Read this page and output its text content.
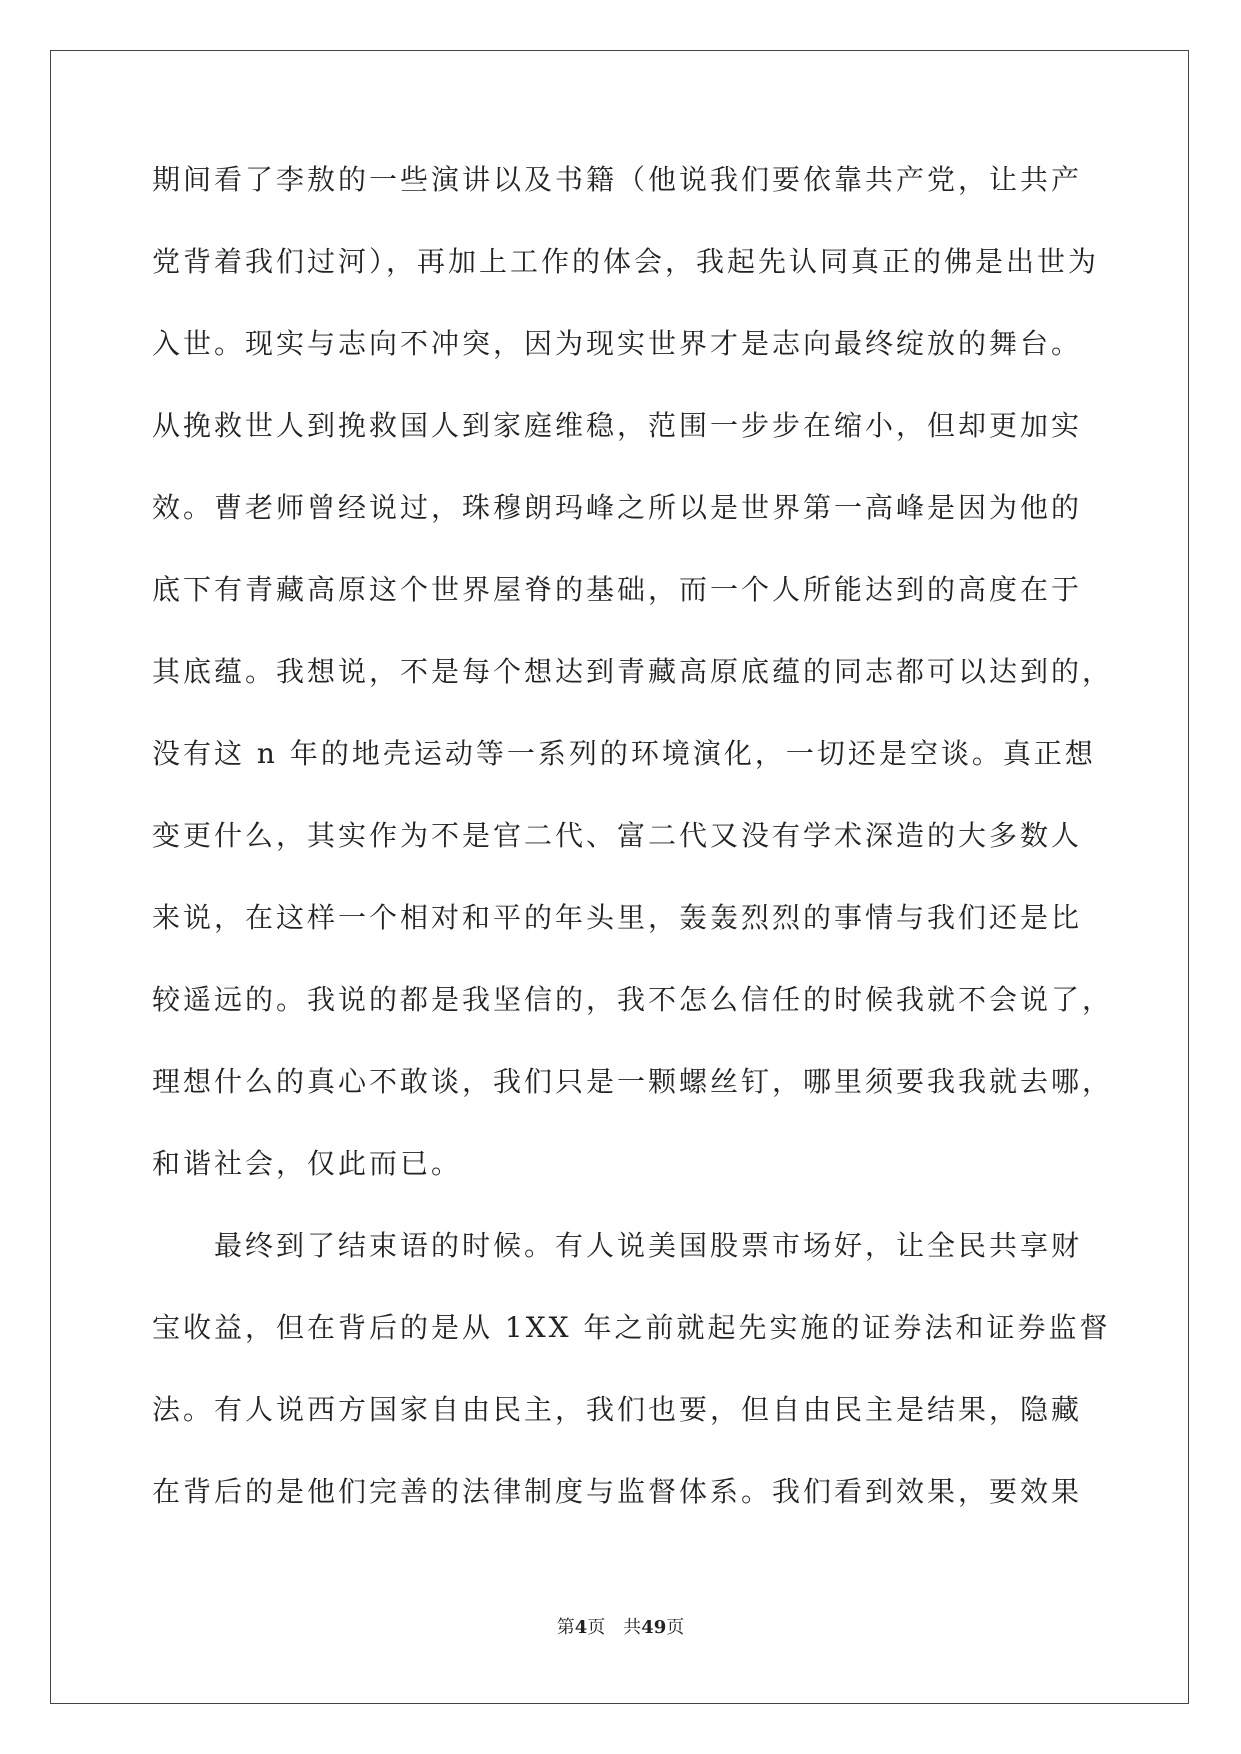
期间看了李敖的一些演讲以及书籍（他说我们要依靠共产党，让共产
党背着我们过河），再加上工作的体会，我起先认同真正的佛是出世为
入世。现实与志向不冲突，因为现实世界才是志向最终绽放的舞台。
从挽救世人到挽救国人到家庭维稳，范围一步步在缩小，但却更加实
效。曹老师曾经说过，珠穆朗玛峰之所以是世界第一高峰是因为他的
底下有青藏高原这个世界屋脊的基础，而一个人所能达到的高度在于
其底蕴。我想说，不是每个想达到青藏高原底蕴的同志都可以达到的，
没有这 n 年的地壳运动等一系列的环境演化，一切还是空谈。真正想
变更什么，其实作为不是官二代、富二代又没有学术深造的大多数人
来说，在这样一个相对和平的年头里，轰轰烈烈的事情与我们还是比
较遥远的。我说的都是我坚信的，我不怎么信任的时候我就不会说了，
理想什么的真心不敢谈，我们只是一颗螺丝钉，哪里须要我我就去哪，
和谐社会，仅此而已。
最终到了结束语的时候。有人说美国股票市场好，让全民共享财
宝收益，但在背后的是从 1XX 年之前就起先实施的证券法和证券监督
法。有人说西方国家自由民主，我们也要，但自由民主是结果，隐藏
在背后的是他们完善的法律制度与监督体系。我们看到效果，要效果
第4页　共49页
